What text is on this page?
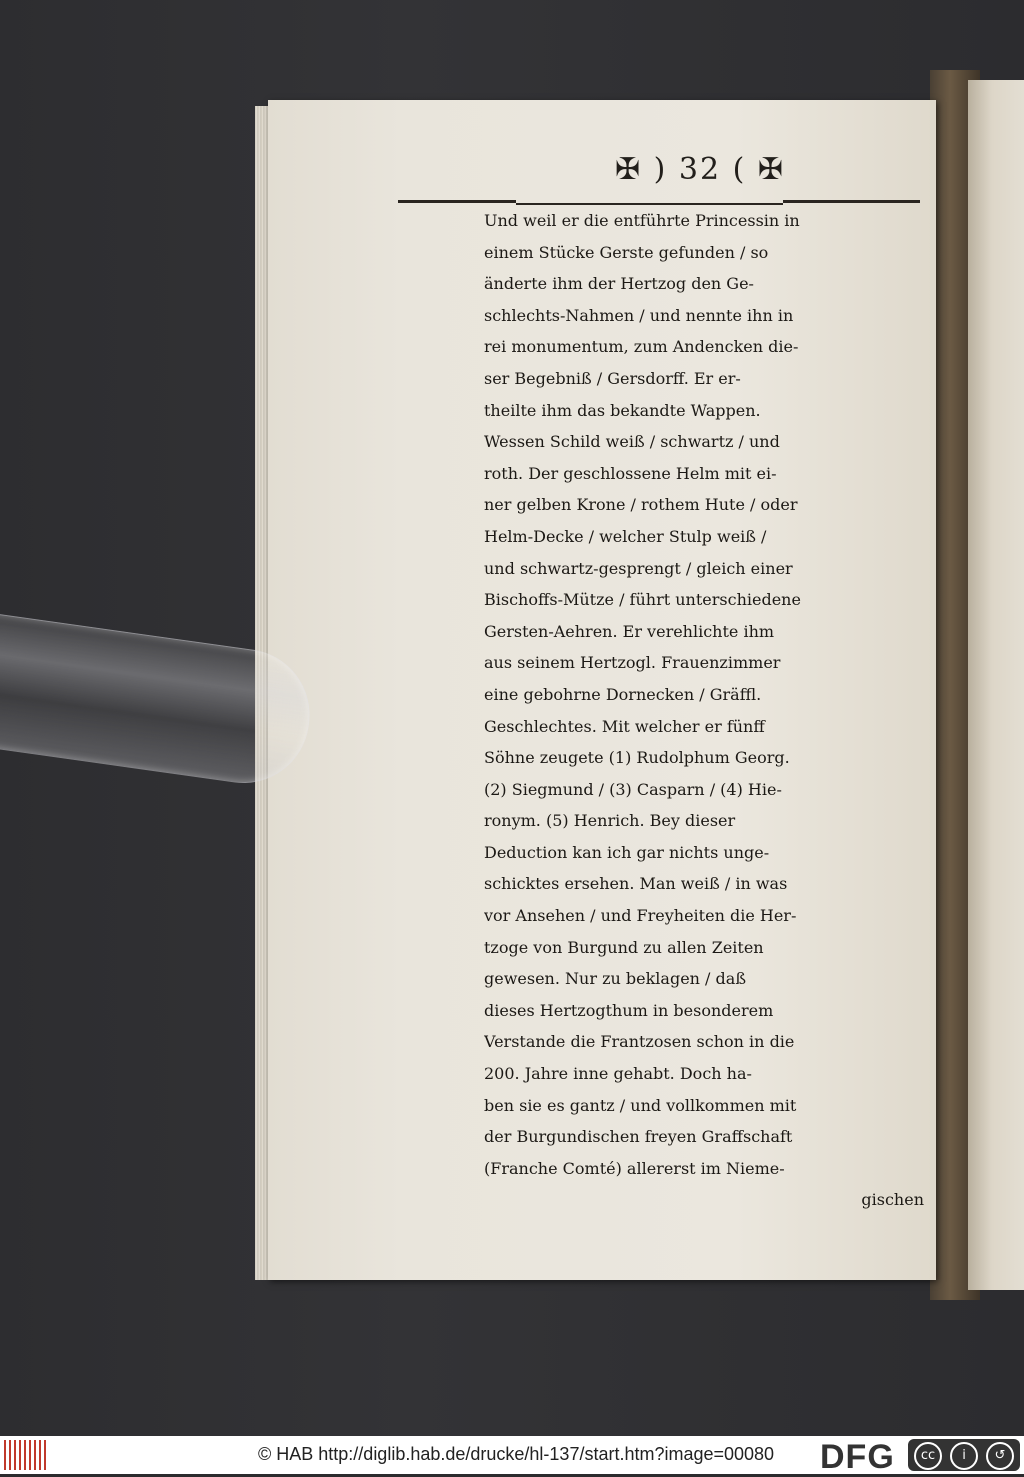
✠ ) 32 ( ✠
Und weil er die entführte Princessin in
einem Stücke Gerste gefunden / so
änderte ihm der Hertzog den Ge-
schlechts-Nahmen / und nennte ihn in
rei monumentum, zum Andencken die-
ser Begebniß / Gersdorff. Er er-
theilte ihm das bekandte Wappen.
Wessen Schild weiß / schwartz / und
roth. Der geschlossene Helm mit ei-
ner gelben Krone / rothem Hute / oder
Helm-Decke / welcher Stulp weiß /
und schwartz-gesprengt / gleich einer
Bischoffs-Mütze / führt unterschiedene
Gersten-Aehren. Er verehlichte ihm
aus seinem Hertzogl. Frauenzimmer
eine gebohrne Dornecken / Gräffl.
Geschlechtes. Mit welcher er fünff
Söhne zeugete (1) Rudolphum Georg.
(2) Siegmund / (3) Casparn / (4) Hie-
ronym. (5) Henrich. Bey dieser
Deduction kan ich gar nichts unge-
schicktes ersehen. Man weiß / in was
vor Ansehen / und Freyheiten die Her-
tzoge von Burgund zu allen Zeiten
gewesen. Nur zu beklagen / daß
dieses Hertzogthum in besonderem
Verstande die Frantzosen schon in die
200. Jahre inne gehabt. Doch ha-
ben sie es gantz / und vollkommen mit
der Burgundischen freyen Graffschaft
(Franche Comté) allererst im Nieme-
gischen
© HAB http://diglib.hab.de/drucke/hl-137/start.htm?image=00080 DFG	cc	i	↺
